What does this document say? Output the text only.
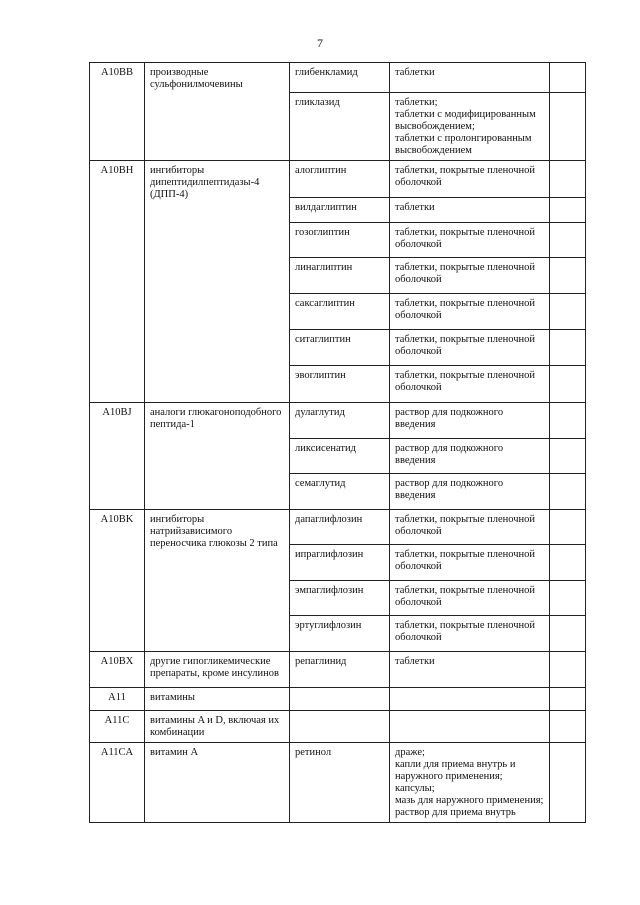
7
A10BB	производные сульфонилмочевины	глибенкламид	таблетки	
		гликлазид	таблетки;
таблетки с модифицированным высвобождением;
таблетки с пролонгированным высвобождением	
A10BH	ингибиторы дипептидилпептидазы-4 (ДПП-4)	алоглиптин	таблетки, покрытые пленочной оболочкой	
		вилдаглиптин	таблетки	
		гозоглиптин	таблетки, покрытые пленочной оболочкой	
		линаглиптин	таблетки, покрытые пленочной оболочкой	
		саксаглиптин	таблетки, покрытые пленочной оболочкой	
		ситаглиптин	таблетки, покрытые пленочной оболочкой	
		эвоглиптин	таблетки, покрытые пленочной оболочкой	
A10BJ	аналоги глюкагоноподобного пептида-1	дулаглутид	раствор для подкожного введения	
		ликсисенатид	раствор для подкожного введения	
		семаглутид	раствор для подкожного введения	
A10BK	ингибиторы натрийзависимого переносчика глюкозы 2 типа	дапаглифлозин	таблетки, покрытые пленочной оболочкой	
		ипраглифлозин	таблетки, покрытые пленочной оболочкой	
		эмпаглифлозин	таблетки, покрытые пленочной оболочкой	
		эртуглифлозин	таблетки, покрытые пленочной оболочкой	
A10BX	другие гипогликемические препараты, кроме инсулинов	репаглинид	таблетки	
A11	витамины			
A11C	витамины A и D, включая их комбинации			
A11CA	витамин A	ретинол	драже;
капли для приема внутрь и наружного применения;
капсулы;
мазь для наружного применения;
раствор для приема внутрь	
